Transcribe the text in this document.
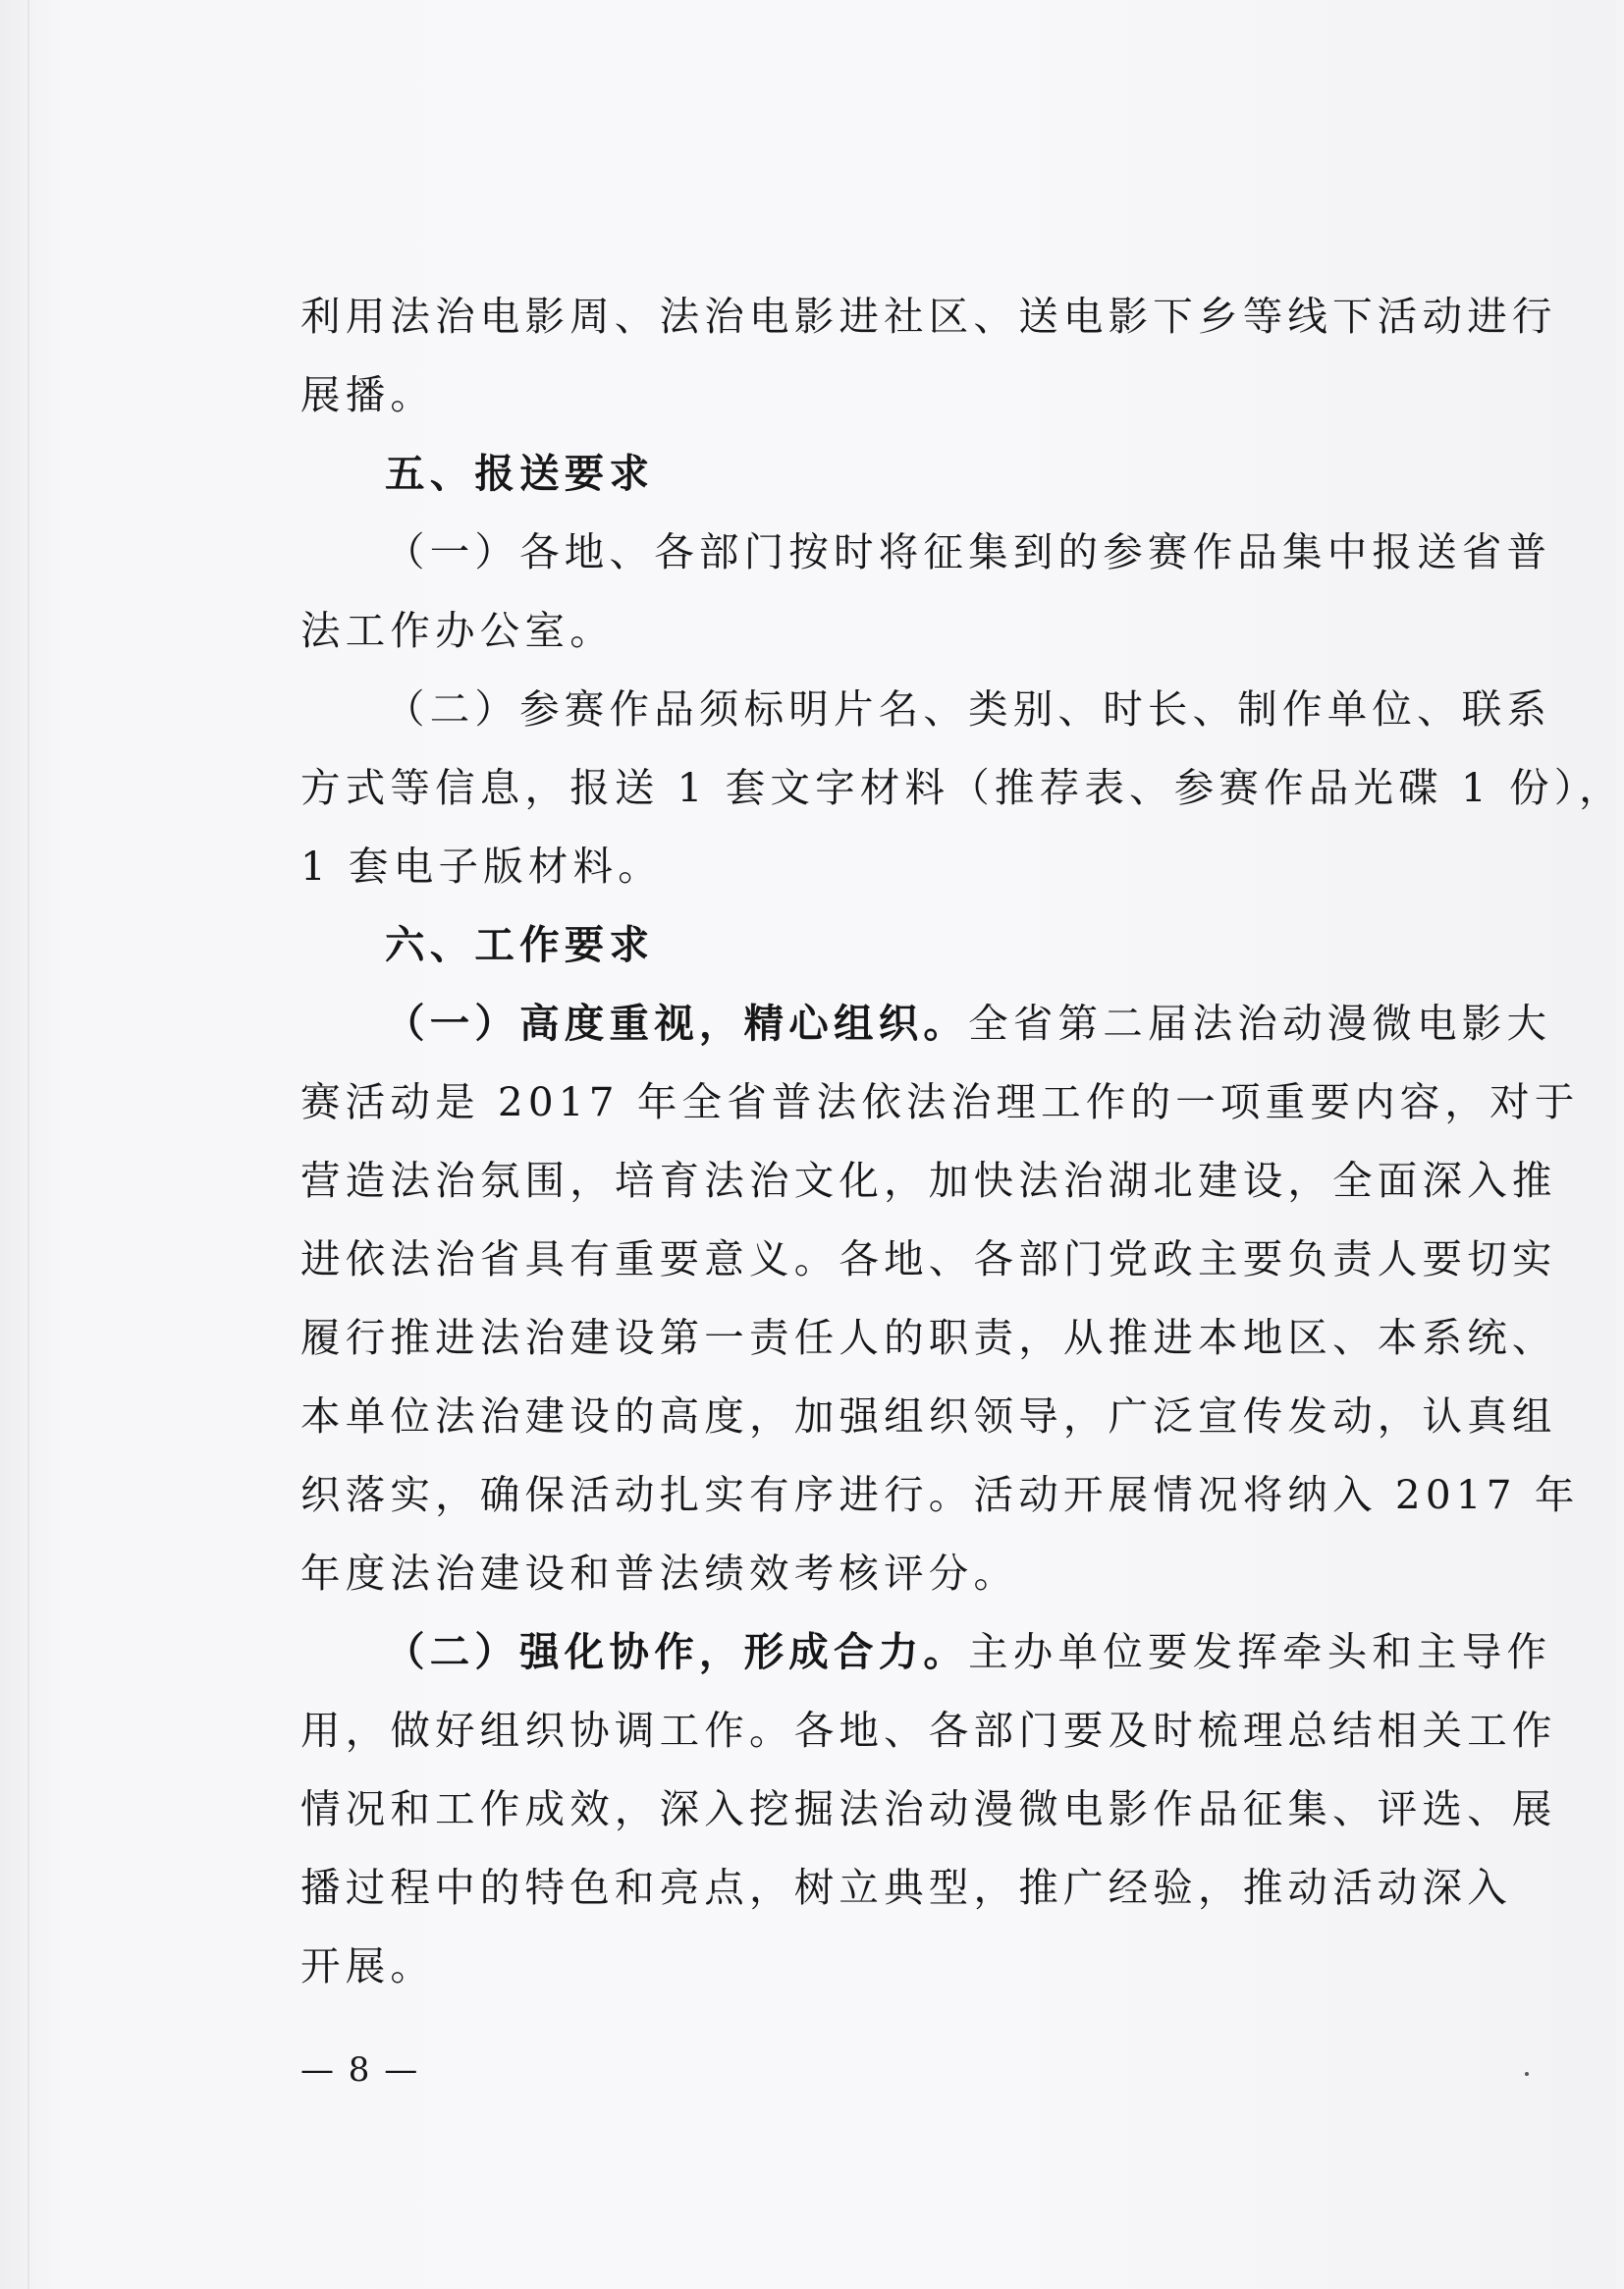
利用法治电影周、法治电影进社区、送电影下乡等线下活动进行
展播。
五、报送要求
（一）各地、各部门按时将征集到的参赛作品集中报送省普
法工作办公室。
（二）参赛作品须标明片名、类别、时长、制作单位、联系
方式等信息，报送 1 套文字材料（推荐表、参赛作品光碟 1 份），
1 套电子版材料。
六、工作要求
（一）高度重视，精心组织。全省第二届法治动漫微电影大
赛活动是 2017 年全省普法依法治理工作的一项重要内容，对于
营造法治氛围，培育法治文化，加快法治湖北建设，全面深入推
进依法治省具有重要意义。各地、各部门党政主要负责人要切实
履行推进法治建设第一责任人的职责，从推进本地区、本系统、
本单位法治建设的高度，加强组织领导，广泛宣传发动，认真组
织落实，确保活动扎实有序进行。活动开展情况将纳入 2017 年
年度法治建设和普法绩效考核评分。
（二）强化协作，形成合力。主办单位要发挥牵头和主导作
用，做好组织协调工作。各地、各部门要及时梳理总结相关工作
情况和工作成效，深入挖掘法治动漫微电影作品征集、评选、展
播过程中的特色和亮点，树立典型，推广经验，推动活动深入
开展。
— 8 —
